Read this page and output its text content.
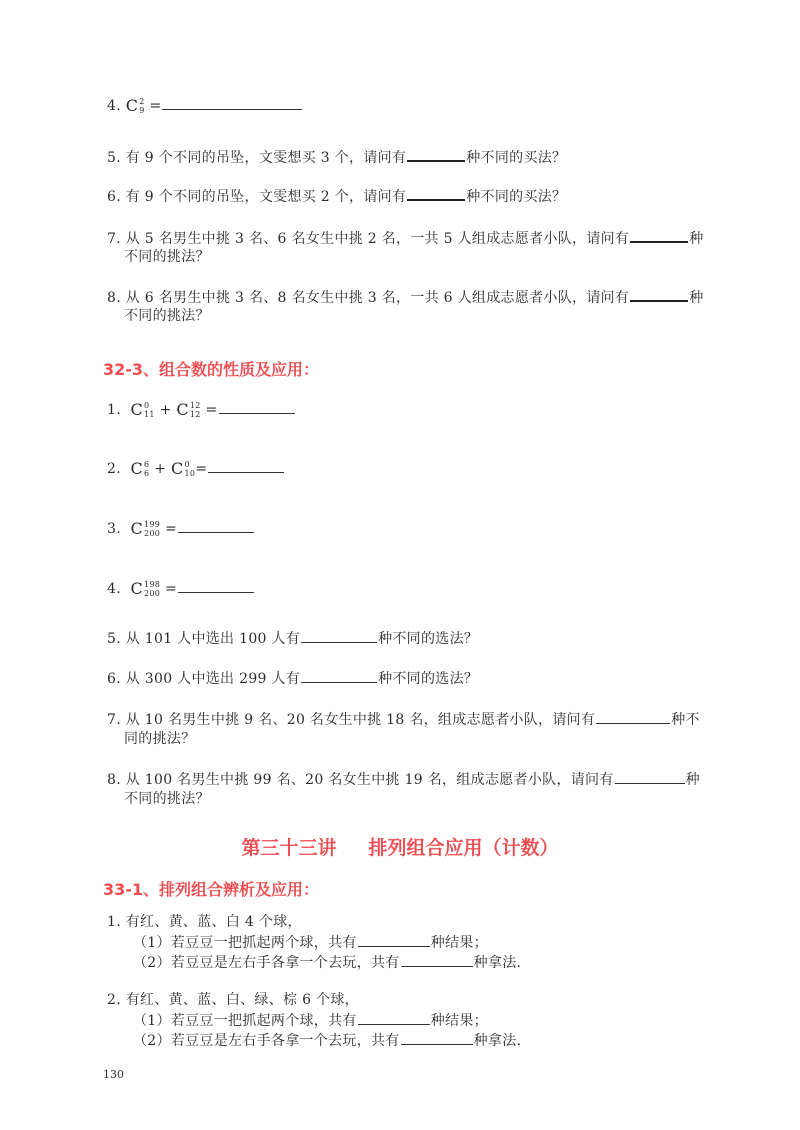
4. C 2
9 =
5. 有 9 个不同的吊坠，文雯想买 3 个，请问有	种不同的买法？
6. 有 9 个不同的吊坠，文雯想买 2 个，请问有	种不同的买法？
7. 从 5 名男生中挑 3 名、6 名女生中挑 2 名，一共 5 人组成志愿者小队，请问有	种
不同的挑法？
8. 从 6 名男生中挑 3 名、8 名女生中挑 3 名，一共 6 人组成志愿者小队，请问有	种
不同的挑法？
32-3、组合数的性质及应用：
1. C 0
11 + C 12
12 =
2. C 6
6 + C 0
10 =
3. C 199
200 =
4. C 198
200 =
5. 从 101 人中选出 100 人有	种不同的选法？
6. 从 300 人中选出 299 人有	种不同的选法？
7. 从 10 名男生中挑 9 名、20 名女生中挑 18 名，组成志愿者小队，请问有	种不
同的挑法？
8. 从 100 名男生中挑 99 名、20 名女生中挑 19 名，组成志愿者小队，请问有	种
不同的挑法？
第三十三讲 排列组合应用（计数）
33-1、排列组合辨析及应用：
1. 有红、黄、蓝、白 4 个球，
（1）若豆豆一把抓起两个球，共有	种结果；
（2）若豆豆是左右手各拿一个去玩，共有	种拿法.
2. 有红、黄、蓝、白、绿、棕 6 个球，
（1）若豆豆一把抓起两个球，共有	种结果；
（2）若豆豆是左右手各拿一个去玩，共有	种拿法.
130
